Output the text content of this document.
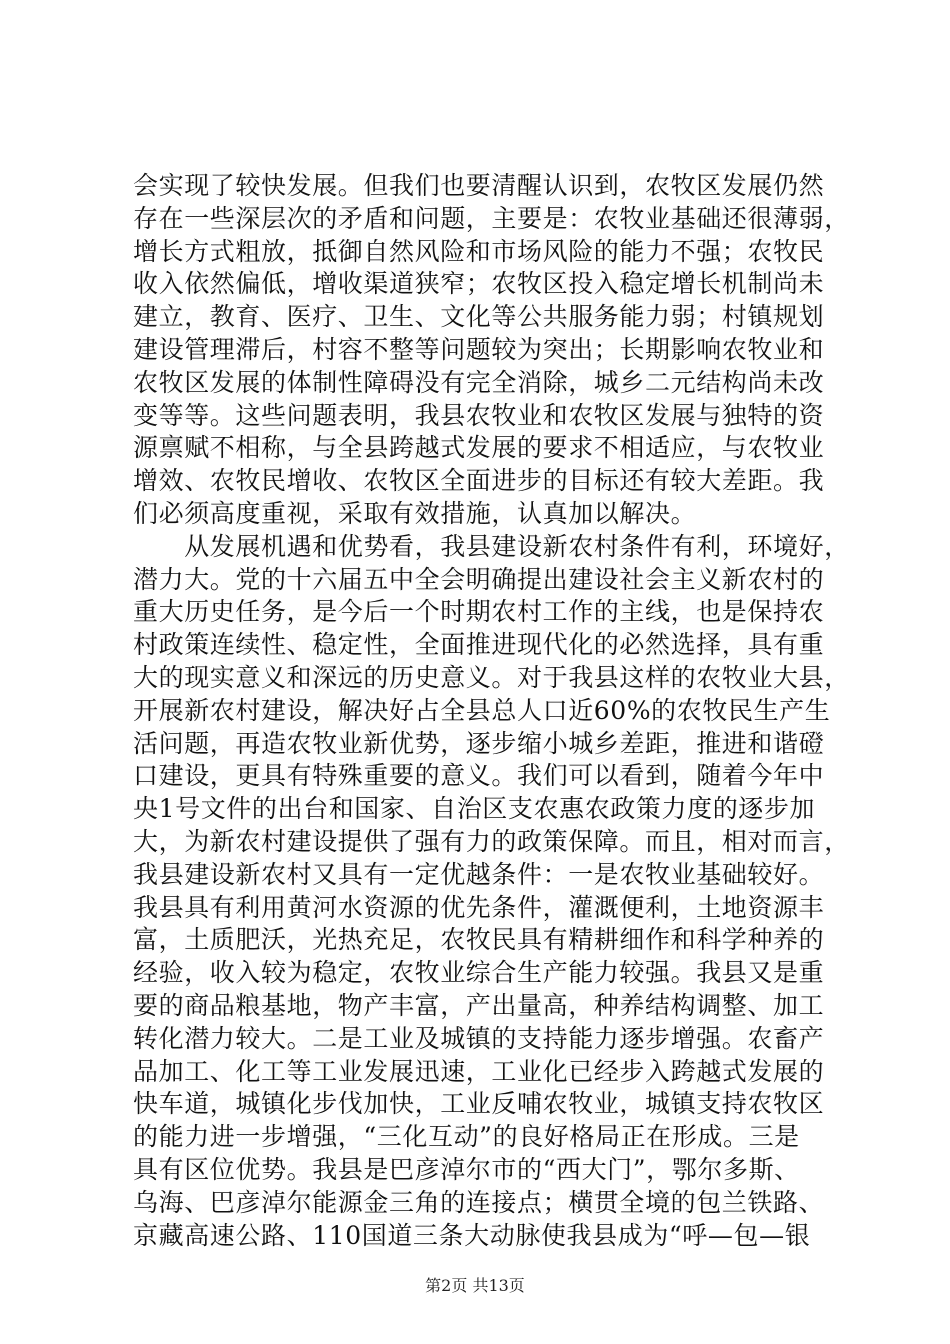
会实现了较快发展。但我们也要清醒认识到，农牧区发展仍然
存在一些深层次的矛盾和问题，主要是：农牧业基础还很薄弱，
增长方式粗放，抵御自然风险和市场风险的能力不强；农牧民
收入依然偏低，增收渠道狭窄；农牧区投入稳定增长机制尚未
建立，教育、医疗、卫生、文化等公共服务能力弱；村镇规划
建设管理滞后，村容不整等问题较为突出；长期影响农牧业和
农牧区发展的体制性障碍没有完全消除，城乡二元结构尚未改
变等等。这些问题表明，我县农牧业和农牧区发展与独特的资
源禀赋不相称，与全县跨越式发展的要求不相适应，与农牧业
增效、农牧民增收、农牧区全面进步的目标还有较大差距。我
们必须高度重视，采取有效措施，认真加以解决。
　　从发展机遇和优势看，我县建设新农村条件有利，环境好，
潜力大。党的十六届五中全会明确提出建设社会主义新农村的
重大历史任务，是今后一个时期农村工作的主线，也是保持农
村政策连续性、稳定性，全面推进现代化的必然选择，具有重
大的现实意义和深远的历史意义。对于我县这样的农牧业大县，
开展新农村建设，解决好占全县总人口近60%的农牧民生产生
活问题，再造农牧业新优势，逐步缩小城乡差距，推进和谐磴
口建设，更具有特殊重要的意义。我们可以看到，随着今年中
央1号文件的出台和国家、自治区支农惠农政策力度的逐步加
大，为新农村建设提供了强有力的政策保障。而且，相对而言，
我县建设新农村又具有一定优越条件：一是农牧业基础较好。
我县具有利用黄河水资源的优先条件，灌溉便利，土地资源丰
富，土质肥沃，光热充足，农牧民具有精耕细作和科学种养的
经验，收入较为稳定，农牧业综合生产能力较强。我县又是重
要的商品粮基地，物产丰富，产出量高，种养结构调整、加工
转化潜力较大。二是工业及城镇的支持能力逐步增强。农畜产
品加工、化工等工业发展迅速，工业化已经步入跨越式发展的
快车道，城镇化步伐加快，工业反哺农牧业，城镇支持农牧区
的能力进一步增强，“三化互动”的良好格局正在形成。三是
具有区位优势。我县是巴彦淖尔市的“西大门”，鄂尔多斯、
乌海、巴彦淖尔能源金三角的连接点；横贯全境的包兰铁路、
京藏高速公路、110国道三条大动脉使我县成为“呼—包—银
第2页 共13页
